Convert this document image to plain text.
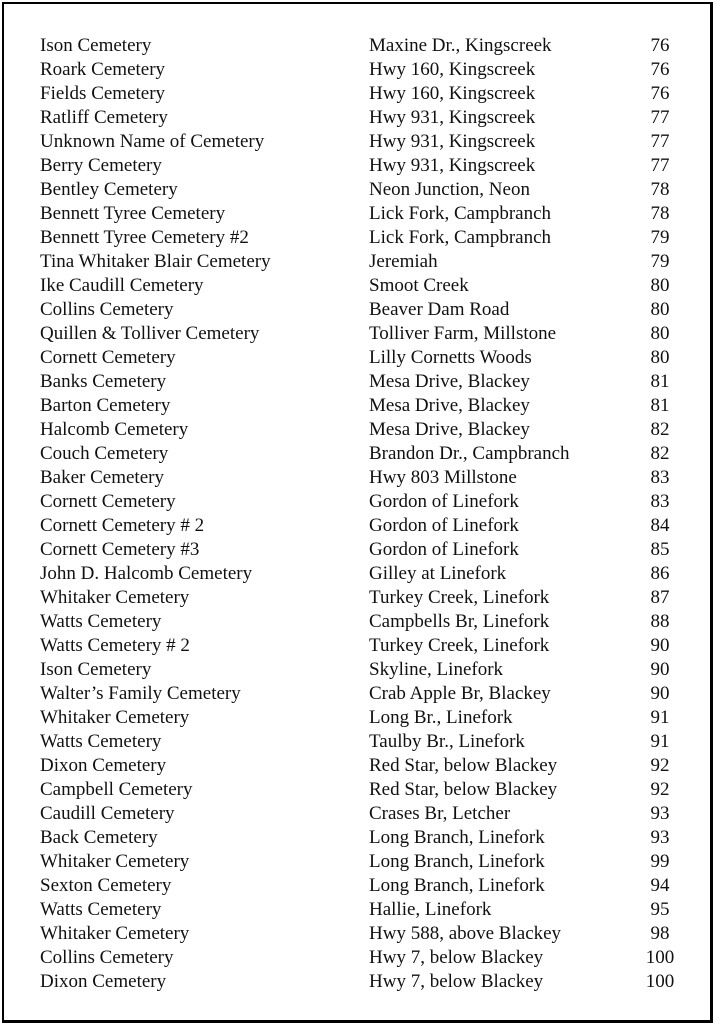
Ison Cemetery	Maxine Dr., Kingscreek	76
Roark Cemetery	Hwy 160, Kingscreek	76
Fields Cemetery	Hwy 160, Kingscreek	76
Ratliff Cemetery	Hwy 931, Kingscreek	77
Unknown Name of Cemetery	Hwy 931, Kingscreek	77
Berry Cemetery	Hwy 931, Kingscreek	77
Bentley Cemetery	Neon Junction, Neon	78
Bennett Tyree Cemetery	Lick Fork, Campbranch	78
Bennett Tyree Cemetery #2	Lick Fork, Campbranch	79
Tina Whitaker Blair Cemetery	Jeremiah	79
Ike Caudill Cemetery	Smoot Creek	80
Collins Cemetery	Beaver Dam Road	80
Quillen & Tolliver Cemetery	Tolliver Farm, Millstone	80
Cornett Cemetery	Lilly Cornetts Woods	80
Banks Cemetery	Mesa Drive, Blackey	81
Barton Cemetery	Mesa Drive, Blackey	81
Halcomb Cemetery	Mesa Drive, Blackey	82
Couch Cemetery	Brandon Dr., Campbranch	82
Baker Cemetery	Hwy 803 Millstone	83
Cornett Cemetery	Gordon of Linefork	83
Cornett Cemetery # 2	Gordon of Linefork	84
Cornett Cemetery #3	Gordon of Linefork	85
John D. Halcomb Cemetery	Gilley at Linefork	86
Whitaker Cemetery	Turkey Creek, Linefork	87
Watts Cemetery	Campbells Br, Linefork	88
Watts Cemetery # 2	Turkey Creek, Linefork	90
Ison Cemetery	Skyline, Linefork	90
Walter’s Family Cemetery	Crab Apple Br, Blackey	90
Whitaker Cemetery	Long Br., Linefork	91
Watts Cemetery	Taulby Br., Linefork	91
Dixon Cemetery	Red Star, below Blackey	92
Campbell Cemetery	Red Star, below Blackey	92
Caudill Cemetery	Crases Br, Letcher	93
Back Cemetery	Long Branch, Linefork	93
Whitaker Cemetery	Long Branch, Linefork	99
Sexton Cemetery	Long Branch, Linefork	94
Watts Cemetery	Hallie, Linefork	95
Whitaker Cemetery	Hwy 588, above Blackey	98
Collins Cemetery	Hwy 7, below Blackey	100
Dixon Cemetery	Hwy 7, below Blackey	100
